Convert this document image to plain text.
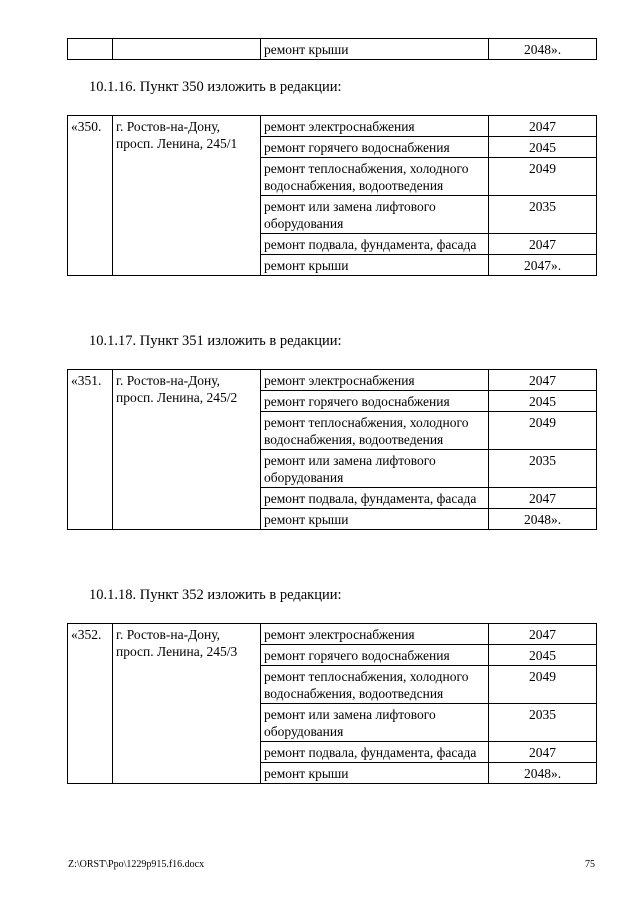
		ремонт крыши	2048».

10.1.16. Пункт 350 изложить в редакции:

«350.	г. Ростов-на-Дону, просп. Ленина, 245/1	ремонт электроснабжения	2047
		ремонт горячего водоснабжения	2045
		ремонт теплоснабжения, холодного водоснабжения, водоотведения	2049
		ремонт или замена лифтового оборудования	2035
		ремонт подвала, фундамента, фасада	2047
		ремонт крыши	2047».

10.1.17. Пункт 351 изложить в редакции:

«351.	г. Ростов-на-Дону, просп. Ленина, 245/2	ремонт электроснабжения	2047
		ремонт горячего водоснабжения	2045
		ремонт теплоснабжения, холодного водоснабжения, водоотведения	2049
		ремонт или замена лифтового оборудования	2035
		ремонт подвала, фундамента, фасада	2047
		ремонт крыши	2048».

10.1.18. Пункт 352 изложить в редакции:

«352.	г. Ростов-на-Дону, просп. Ленина, 245/3	ремонт электроснабжения	2047
		ремонт горячего водоснабжения	2045
		ремонт теплоснабжения, холодного водоснабжения, водоотведсния	2049
		ремонт или замена лифтового оборудования	2035
		ремонт подвала, фундамента, фасада	2047
		ремонт крыши	2048».
Z:\ORST\Ppo\1229p915.f16.docx	75
